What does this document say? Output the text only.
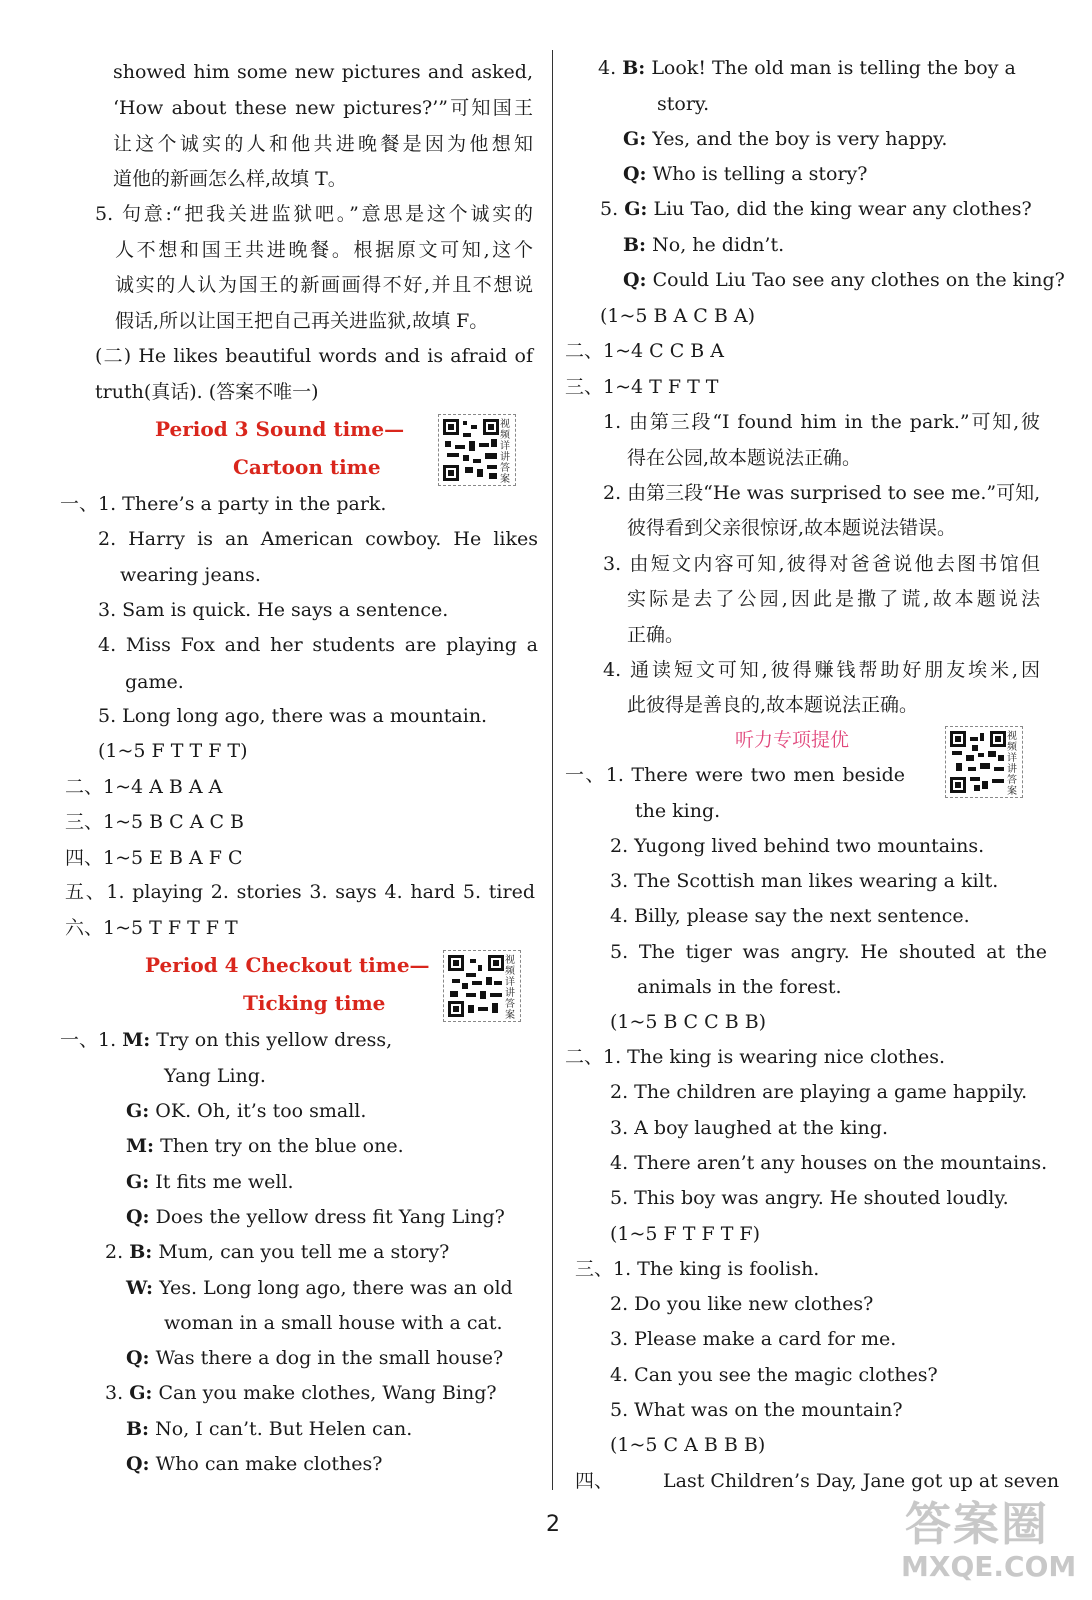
showed him some new pictures and asked,
‘How about these new pictures?’”可知国王
让这个诚实的人和他共进晚餐是因为他想知
道他的新画怎么样,故填 T。
5. 句意:“把我关进监狱吧。”意思是这个诚实的
人不想和国王共进晚餐。根据原文可知,这个
诚实的人认为国王的新画画得不好,并且不想说
假话,所以让国王把自己再关进监狱,故填 F。
(二) He likes beautiful words and is afraid of
truth(真话). (答案不唯一)
Period 3 Sound time—
Cartoon time
视频详讲答案
一、1. There’s a party in the park.
2. Harry is an American cowboy. He likes
wearing jeans.
3. Sam is quick. He says a sentence.
4. Miss Fox and her students are playing a
game.
5. Long long ago, there was a mountain.
(1~5 F T T F T)
二、1~4 A B A A
三、1~5 B C A C B
四、1~5 E B A F C
五、1. playing 2. stories 3. says 4. hard 5. tired
六、1~5 T F T F T
Period 4 Checkout time—
Ticking time
视频详讲答案
一、1. M: Try on this yellow dress,
Yang Ling.
G: OK. Oh, it’s too small.
M: Then try on the blue one.
G: It fits me well.
Q: Does the yellow dress fit Yang Ling?
2. B: Mum, can you tell me a story?
W: Yes. Long long ago, there was an old
woman in a small house with a cat.
Q: Was there a dog in the small house?
3. G: Can you make clothes, Wang Bing?
B: No, I can’t. But Helen can.
Q: Who can make clothes?
4. B: Look! The old man is telling the boy a
story.
G: Yes, and the boy is very happy.
Q: Who is telling a story?
5. G: Liu Tao, did the king wear any clothes?
B: No, he didn’t.
Q: Could Liu Tao see any clothes on the king?
(1~5 B A C B A)
二、1~4 C C B A
三、1~4 T F T T
1. 由第三段“I found him in the park.”可知,彼
得在公园,故本题说法正确。
2. 由第三段“He was surprised to see me.”可知,
彼得看到父亲很惊讶,故本题说法错误。
3. 由短文内容可知,彼得对爸爸说他去图书馆但
实际是去了公园,因此是撒了谎,故本题说法
正确。
4. 通读短文可知,彼得赚钱帮助好朋友埃米,因
此彼得是善良的,故本题说法正确。
听力专项提优	视频详讲答案
一、1. There were two men beside
the king.
2. Yugong lived behind two mountains.
3. The Scottish man likes wearing a kilt.
4. Billy, please say the next sentence.
5. The tiger was angry. He shouted at the
animals in the forest.
(1~5 B C C B B)
二、1. The king is wearing nice clothes.
2. The children are playing a game happily.
3. A boy laughed at the king.
4. There aren’t any houses on the mountains.
5. This boy was angry. He shouted loudly.
(1~5 F T F T F)
三、1. The king is foolish.
2. Do you like new clothes?
3. Please make a card for me.
4. Can you see the magic clothes?
5. What was on the mountain?
(1~5 C A B B B)
四、	Last Children’s Day, Jane got up at seven
2	答案圈
MXQE.COM
